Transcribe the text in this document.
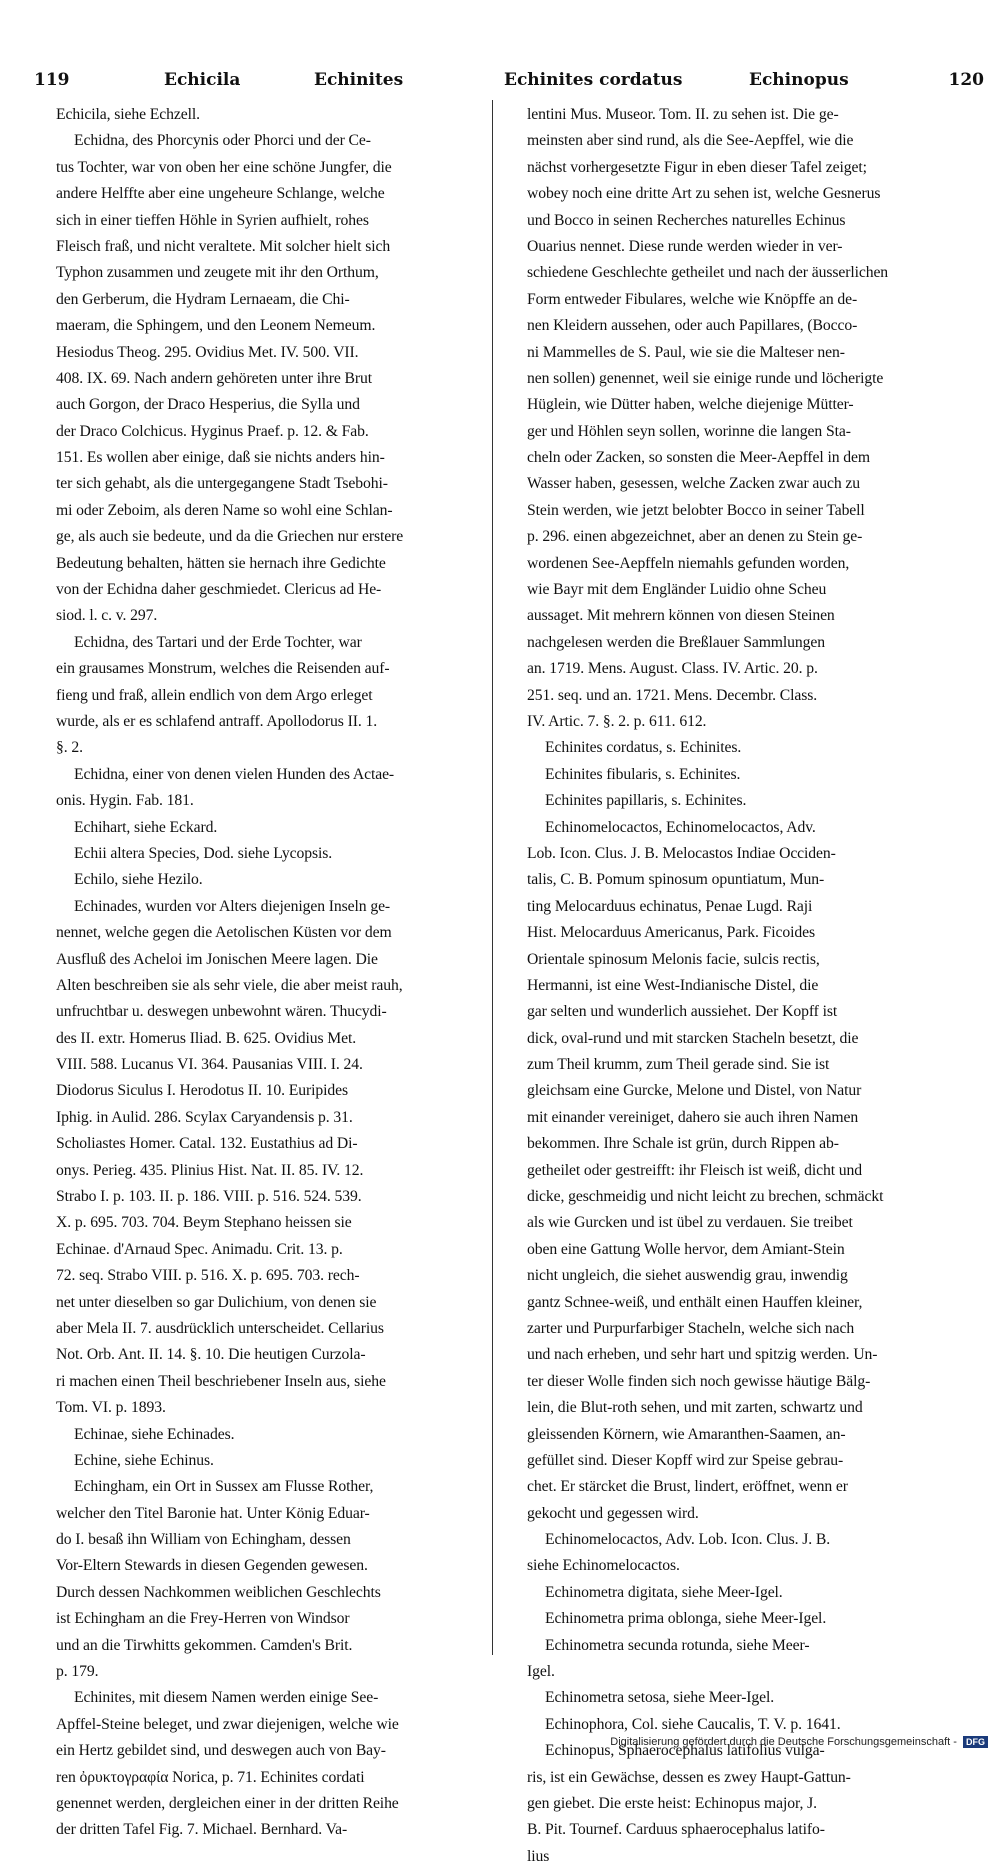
119	Echicila	Echinites	Echinites cordatus	Echinopus	120
Echicila, siehe Echzell.
Echidna, des Phorcynis oder Phorci und der Ce-
tus Tochter, war von oben her eine schöne Jungfer, die
andere Helffte aber eine ungeheure Schlange, welche
sich in einer tieffen Höhle in Syrien aufhielt, rohes
Fleisch fraß, und nicht veraltete. Mit solcher hielt sich
Typhon zusammen und zeugete mit ihr den Orthum,
den Gerberum, die Hydram Lernaeam, die Chi-
maeram, die Sphingem, und den Leonem Nemeum.
Hesiodus Theog. 295. Ovidius Met. IV. 500. VII.
408. IX. 69. Nach andern gehöreten unter ihre Brut
auch Gorgon, der Draco Hesperius, die Sylla und
der Draco Colchicus. Hyginus Praef. p. 12. & Fab.
151. Es wollen aber einige, daß sie nichts anders hin-
ter sich gehabt, als die untergegangene Stadt Tsebohi-
mi oder Zeboim, als deren Name so wohl eine Schlan-
ge, als auch sie bedeute, und da die Griechen nur erstere
Bedeutung behalten, hätten sie hernach ihre Gedichte
von der Echidna daher geschmiedet. Clericus ad He-
siod. l. c. v. 297.
Echidna, des Tartari und der Erde Tochter, war
ein grausames Monstrum, welches die Reisenden auf-
fieng und fraß, allein endlich von dem Argo erleget
wurde, als er es schlafend antraff. Apollodorus II. 1.
§. 2.
Echidna, einer von denen vielen Hunden des Actae-
onis. Hygin. Fab. 181.
Echihart, siehe Eckard.
Echii altera Species, Dod. siehe Lycopsis.
Echilo, siehe Hezilo.
Echinades, wurden vor Alters diejenigen Inseln ge-
nennet, welche gegen die Aetolischen Küsten vor dem
Ausfluß des Acheloi im Jonischen Meere lagen. Die
Alten beschreiben sie als sehr viele, die aber meist rauh,
unfruchtbar u. deswegen unbewohnt wären. Thucydi-
des II. extr. Homerus Iliad. B. 625. Ovidius Met.
VIII. 588. Lucanus VI. 364. Pausanias VIII. I. 24.
Diodorus Siculus I. Herodotus II. 10. Euripides
Iphig. in Aulid. 286. Scylax Caryandensis p. 31.
Scholiastes Homer. Catal. 132. Eustathius ad Di-
onys. Perieg. 435. Plinius Hist. Nat. II. 85. IV. 12.
Strabo I. p. 103. II. p. 186. VIII. p. 516. 524. 539.
X. p. 695. 703. 704. Beym Stephano heissen sie
Echinae. d'Arnaud Spec. Animadu. Crit. 13. p.
72. seq. Strabo VIII. p. 516. X. p. 695. 703. rech-
net unter dieselben so gar Dulichium, von denen sie
aber Mela II. 7. ausdrücklich unterscheidet. Cellarius
Not. Orb. Ant. II. 14. §. 10. Die heutigen Curzola-
ri machen einen Theil beschriebener Inseln aus, siehe
Tom. VI. p. 1893.
Echinae, siehe Echinades.
Echine, siehe Echinus.
Echingham, ein Ort in Sussex am Flusse Rother,
welcher den Titel Baronie hat. Unter König Eduar-
do I. besaß ihn William von Echingham, dessen
Vor-Eltern Stewards in diesen Gegenden gewesen.
Durch dessen Nachkommen weiblichen Geschlechts
ist Echingham an die Frey-Herren von Windsor
und an die Tirwhitts gekommen. Camden's Brit.
p. 179.
Echinites, mit diesem Namen werden einige See-
Apffel-Steine beleget, und zwar diejenigen, welche wie
ein Hertz gebildet sind, und deswegen auch von Bay-
ren ὀρυκτογραφία Norica, p. 71. Echinites cordati
genennet werden, dergleichen einer in der dritten Reihe
der dritten Tafel Fig. 7. Michael. Bernhard. Va-
lentini Mus. Museor. Tom. II. zu sehen ist. Die ge-
meinsten aber sind rund, als die See-Aepffel, wie die
nächst vorhergesetzte Figur in eben dieser Tafel zeiget;
wobey noch eine dritte Art zu sehen ist, welche Gesnerus
und Bocco in seinen Recherches naturelles Echinus
Ouarius nennet. Diese runde werden wieder in ver-
schiedene Geschlechte getheilet und nach der äusserlichen
Form entweder Fibulares, welche wie Knöpffe an de-
nen Kleidern aussehen, oder auch Papillares, (Bocco-
ni Mammelles de S. Paul, wie sie die Malteser nen-
nen sollen) genennet, weil sie einige runde und löcherigte
Hüglein, wie Dütter haben, welche diejenige Mütter-
ger und Höhlen seyn sollen, worinne die langen Sta-
cheln oder Zacken, so sonsten die Meer-Aepffel in dem
Wasser haben, gesessen, welche Zacken zwar auch zu
Stein werden, wie jetzt belobter Bocco in seiner Tabell
p. 296. einen abgezeichnet, aber an denen zu Stein ge-
wordenen See-Aepffeln niemahls gefunden worden,
wie Bayr mit dem Engländer Luidio ohne Scheu
aussaget. Mit mehrern können von diesen Steinen
nachgelesen werden die Breßlauer Sammlungen
an. 1719. Mens. August. Class. IV. Artic. 20. p.
251. seq. und an. 1721. Mens. Decembr. Class.
IV. Artic. 7. §. 2. p. 611. 612.
Echinites cordatus, s. Echinites.
Echinites fibularis, s. Echinites.
Echinites papillaris, s. Echinites.
Echinomelocactos, Echinomelocactos, Adv.
Lob. Icon. Clus. J. B. Melocastos Indiae Occiden-
talis, C. B. Pomum spinosum opuntiatum, Mun-
ting Melocarduus echinatus, Penae Lugd. Raji
Hist. Melocarduus Americanus, Park. Ficoides
Orientale spinosum Melonis facie, sulcis rectis,
Hermanni, ist eine West-Indianische Distel, die
gar selten und wunderlich aussiehet. Der Kopff ist
dick, oval-rund und mit starcken Stacheln besetzt, die
zum Theil krumm, zum Theil gerade sind. Sie ist
gleichsam eine Gurcke, Melone und Distel, von Natur
mit einander vereiniget, dahero sie auch ihren Namen
bekommen. Ihre Schale ist grün, durch Rippen ab-
getheilet oder gestreifft: ihr Fleisch ist weiß, dicht und
dicke, geschmeidig und nicht leicht zu brechen, schmäckt
als wie Gurcken und ist übel zu verdauen. Sie treibet
oben eine Gattung Wolle hervor, dem Amiant-Stein
nicht ungleich, die siehet auswendig grau, inwendig
gantz Schnee-weiß, und enthält einen Hauffen kleiner,
zarter und Purpurfarbiger Stacheln, welche sich nach
und nach erheben, und sehr hart und spitzig werden. Un-
ter dieser Wolle finden sich noch gewisse häutige Bälg-
lein, die Blut-roth sehen, und mit zarten, schwartz und
gleissenden Körnern, wie Amaranthen-Saamen, an-
gefüllet sind. Dieser Kopff wird zur Speise gebrau-
chet. Er stärcket die Brust, lindert, eröffnet, wenn er
gekocht und gegessen wird.
Echinomelocactos, Adv. Lob. Icon. Clus. J. B.
siehe Echinomelocactos.
Echinometra digitata, siehe Meer-Igel.
Echinometra prima oblonga, siehe Meer-Igel.
Echinometra secunda rotunda, siehe Meer-
Igel.
Echinometra setosa, siehe Meer-Igel.
Echinophora, Col. siehe Caucalis, T. V. p. 1641.
Echinopus, Sphaerocephalus latifolius vulga-
ris, ist ein Gewächse, dessen es zwey Haupt-Gattun-
gen giebet. Die erste heist: Echinopus major, J.
B. Pit. Tournef. Carduus sphaerocephalus latifo-
lius
Digitalisierung gefördert durch die Deutsche Forschungsgemeinschaft - DFG
